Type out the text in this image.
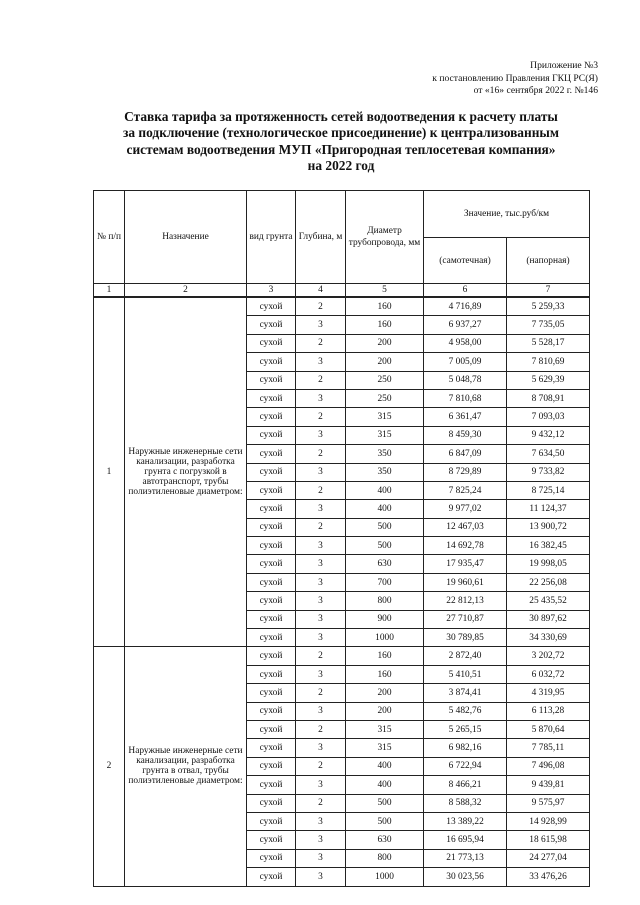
Приложение №3
к постановлению Правления ГКЦ РС(Я)
от «16» сентября 2022 г. №146
Ставка тарифа за протяженность сетей водоотведения к расчету платы
за подключение (технологическое присоединение) к централизованным
системам водоотведения МУП «Пригородная теплосетевая компания»
на 2022 год
№ п/п	Назначение	вид грунта	Глубина, м	Диаметр трубопровода, мм	Значение, тыс.руб/км	
					(самотечная)	(напорная)
1	2	3	4	5	6	7
1	Наружные инженерные сети канализации, разработка грунта с погрузкой в автотранспорт, трубы полиэтиленовые диаметром:	сухой	2	160	4 716,89	5 259,33
		сухой	3	160	6 937,27	7 735,05
		сухой	2	200	4 958,00	5 528,17
		сухой	3	200	7 005,09	7 810,69
		сухой	2	250	5 048,78	5 629,39
		сухой	3	250	7 810,68	8 708,91
		сухой	2	315	6 361,47	7 093,03
		сухой	3	315	8 459,30	9 432,12
		сухой	2	350	6 847,09	7 634,50
		сухой	3	350	8 729,89	9 733,82
		сухой	2	400	7 825,24	8 725,14
		сухой	3	400	9 977,02	11 124,37
		сухой	2	500	12 467,03	13 900,72
		сухой	3	500	14 692,78	16 382,45
		сухой	3	630	17 935,47	19 998,05
		сухой	3	700	19 960,61	22 256,08
		сухой	3	800	22 812,13	25 435,52
		сухой	3	900	27 710,87	30 897,62
		сухой	3	1000	30 789,85	34 330,69
2	Наружные инженерные сети канализации, разработка грунта в отвал, трубы полиэтиленовые диаметром:	сухой	2	160	2 872,40	3 202,72
		сухой	3	160	5 410,51	6 032,72
		сухой	2	200	3 874,41	4 319,95
		сухой	3	200	5 482,76	6 113,28
		сухой	2	315	5 265,15	5 870,64
		сухой	3	315	6 982,16	7 785,11
		сухой	2	400	6 722,94	7 496,08
		сухой	3	400	8 466,21	9 439,81
		сухой	2	500	8 588,32	9 575,97
		сухой	3	500	13 389,22	14 928,99
		сухой	3	630	16 695,94	18 615,98
		сухой	3	800	21 773,13	24 277,04
		сухой	3	1000	30 023,56	33 476,26
